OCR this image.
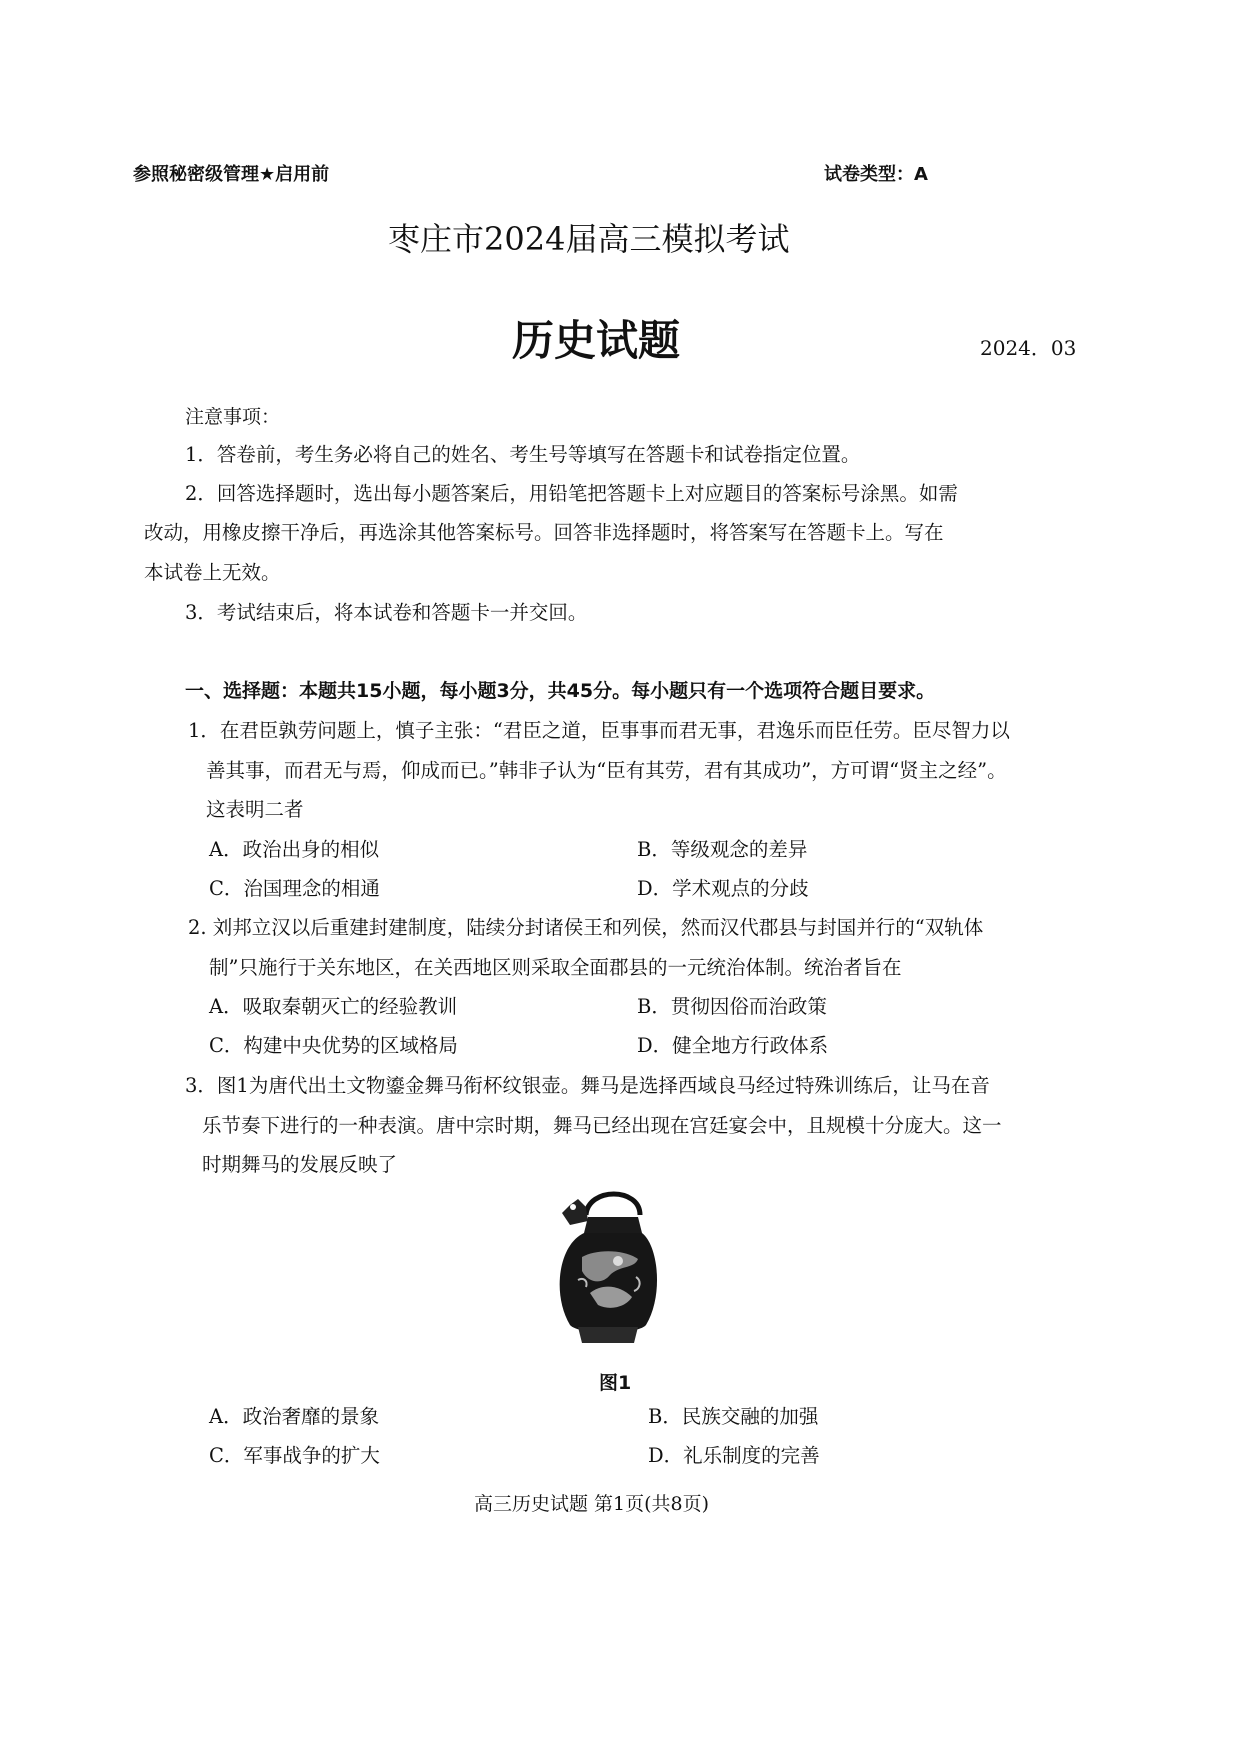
参照秘密级管理★启用前	试卷类型：A
枣庄市2024届高三模拟考试
历史试题	2024．03
注意事项：
1．答卷前，考生务必将自己的姓名、考生号等填写在答题卡和试卷指定位置。
2．回答选择题时，选出每小题答案后，用铅笔把答题卡上对应题目的答案标号涂黑。如需
改动，用橡皮擦干净后，再选涂其他答案标号。回答非选择题时，将答案写在答题卡上。写在
本试卷上无效。
3．考试结束后，将本试卷和答题卡一并交回。
一、选择题：本题共15小题，每小题3分，共45分。每小题只有一个选项符合题目要求。
1．在君臣孰劳问题上，慎子主张：“君臣之道，臣事事而君无事，君逸乐而臣任劳。臣尽智力以
善其事，而君无与焉，仰成而已。”韩非子认为“臣有其劳，君有其成功”，方可谓“贤主之经”。
这表明二者
A．政治出身的相似	B．等级观念的差异
C．治国理念的相通	D．学术观点的分歧
2. 刘邦立汉以后重建封建制度，陆续分封诸侯王和列侯，然而汉代郡县与封国并行的“双轨体
制”只施行于关东地区，在关西地区则采取全面郡县的一元统治体制。统治者旨在
A．吸取秦朝灭亡的经验教训	B．贯彻因俗而治政策
C．构建中央优势的区域格局	D．健全地方行政体系
3．图1为唐代出土文物鎏金舞马衔杯纹银壶。舞马是选择西域良马经过特殊训练后，让马在音
乐节奏下进行的一种表演。唐中宗时期，舞马已经出现在宫廷宴会中，且规模十分庞大。这一
时期舞马的发展反映了
图1
A．政治奢靡的景象	B．民族交融的加强
C．军事战争的扩大	D．礼乐制度的完善
高三历史试题 第1页(共8页)
